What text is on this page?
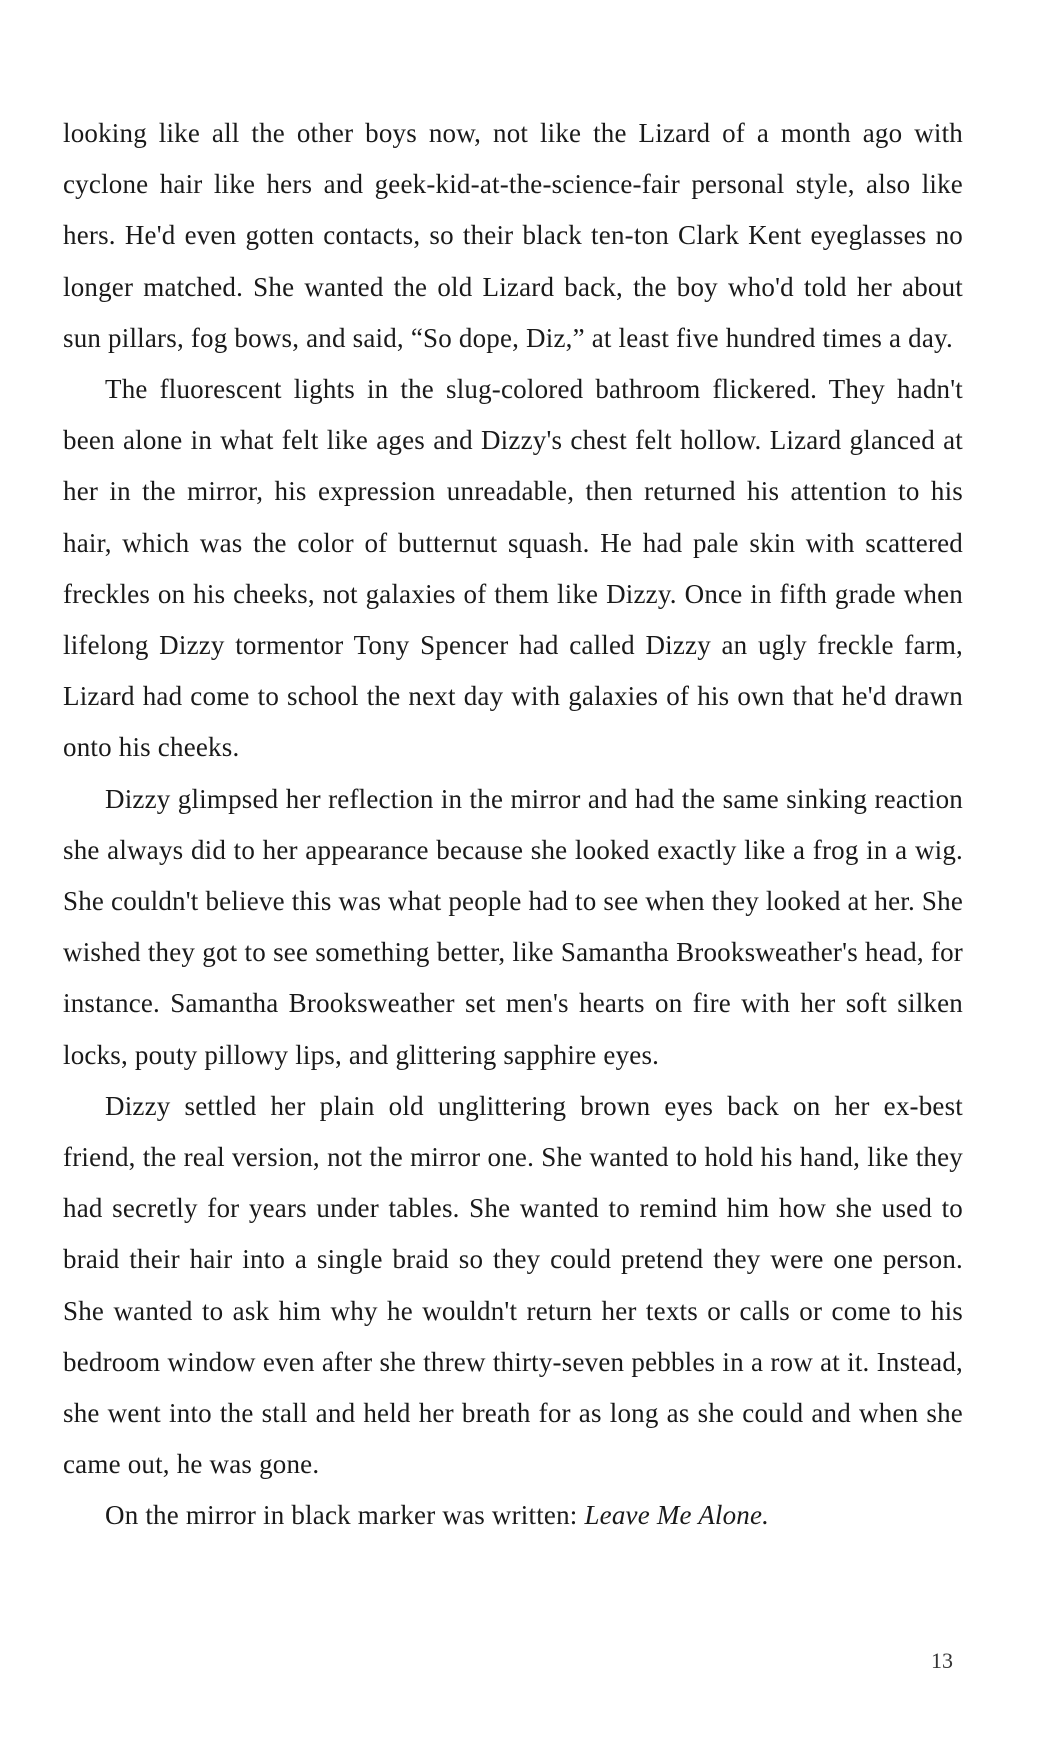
looking like all the other boys now, not like the Lizard of a month ago with cyclone hair like hers and geek-kid-at-the-science-fair personal style, also like hers. He'd even gotten contacts, so their black ten-ton Clark Kent eyeglasses no longer matched. She wanted the old Lizard back, the boy who'd told her about sun pillars, fog bows, and said, “So dope, Diz,” at least five hundred times a day.

The fluorescent lights in the slug-colored bathroom flickered. They hadn't been alone in what felt like ages and Dizzy's chest felt hollow. Lizard glanced at her in the mirror, his expression unreadable, then returned his attention to his hair, which was the color of butternut squash. He had pale skin with scattered freckles on his cheeks, not galaxies of them like Dizzy. Once in fifth grade when lifelong Dizzy tormentor Tony Spencer had called Dizzy an ugly freckle farm, Lizard had come to school the next day with galaxies of his own that he'd drawn onto his cheeks.

Dizzy glimpsed her reflection in the mirror and had the same sinking reaction she always did to her appearance because she looked exactly like a frog in a wig. She couldn't believe this was what people had to see when they looked at her. She wished they got to see something better, like Samantha Brooksweather's head, for instance. Samantha Brooksweather set men's hearts on fire with her soft silken locks, pouty pillowy lips, and glittering sapphire eyes.

Dizzy settled her plain old unglittering brown eyes back on her ex-best friend, the real version, not the mirror one. She wanted to hold his hand, like they had secretly for years under tables. She wanted to remind him how she used to braid their hair into a single braid so they could pretend they were one person. She wanted to ask him why he wouldn't return her texts or calls or come to his bedroom window even after she threw thirty-seven pebbles in a row at it. Instead, she went into the stall and held her breath for as long as she could and when she came out, he was gone.

On the mirror in black marker was written: Leave Me Alone.

13
